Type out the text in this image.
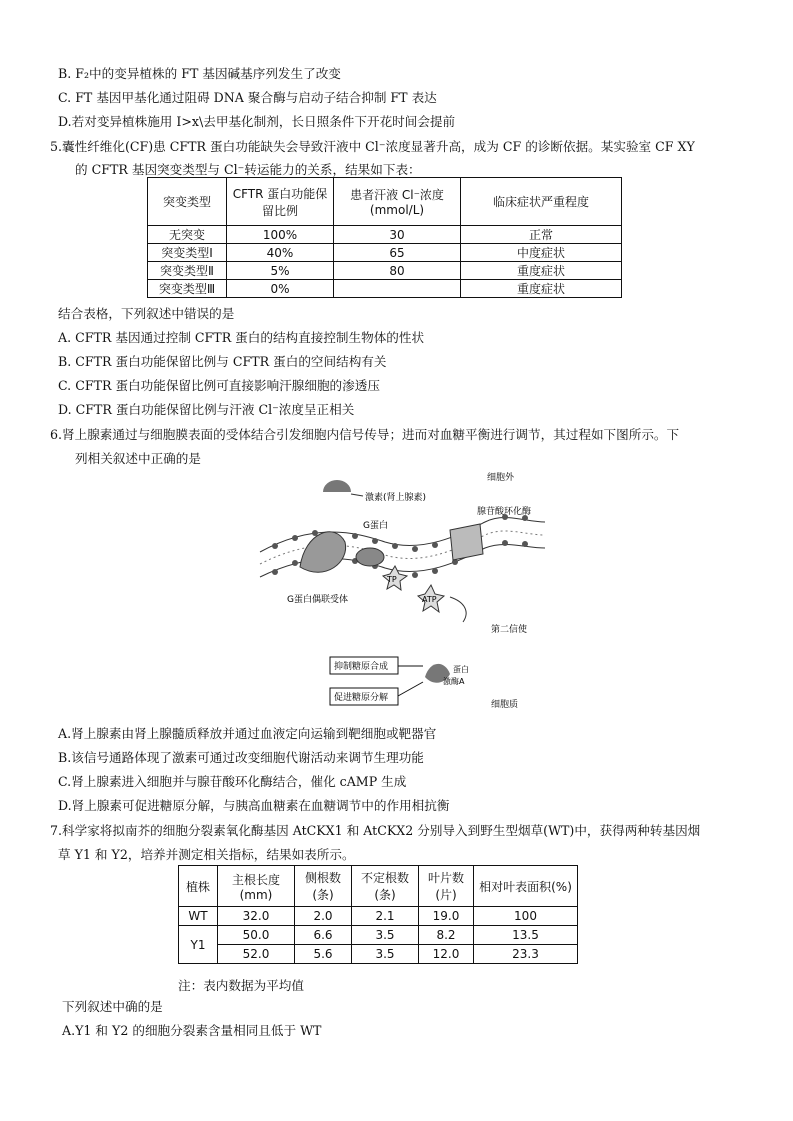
B. F₂中的变异植株的 FT 基因碱基序列发生了改变
C. FT 基因甲基化通过阻碍 DNA 聚合酶与启动子结合抑制 FT 表达
D.若对变异植株施用 I>x\去甲基化制剂，长日照条件下开花时间会提前
5.囊性纤维化(CF)患 CFTR 蛋白功能缺失会导致汗液中 Cl⁻浓度显著升高，成为 CF 的诊断依据。某实验室 CF XY
的 CFTR 基因突变类型与 Cl⁻转运能力的关系，结果如下表：
突变类型	CFTR 蛋白功能保留比例	患者汗液 Cl⁻浓度(mmol/L)	临床症状严重程度
无突变	100%	30	正常
突变类型Ⅰ	40%	65	中度症状
突变类型Ⅱ	5%	80	重度症状
突变类型Ⅲ	0%		重度症状
结合表格，下列叙述中错误的是
A. CFTR 基因通过控制 CFTR 蛋白的结构直接控制生物体的性状
B. CFTR 蛋白功能保留比例与 CFTR 蛋白的空间结构有关
C. CFTR 蛋白功能保留比例可直接影响汗腺细胞的渗透压
D. CFTR 蛋白功能保留比例与汗液 Cl⁻浓度呈正相关
6.肾上腺素通过与细胞膜表面的受体结合引发细胞内信号传导；进而对血糖平衡进行调节，其过程如下图所示。下
列相关叙述中正确的是
激素(肾上腺素)
G蛋白偶联受体
G蛋白
腺苷酸环化酶
细胞外
TP
ATP
第二信使
抑制糖原合成
促进糖原分解
蛋白
激酶A
细胞质
A.肾上腺素由肾上腺髓质释放并通过血液定向运输到靶细胞或靶器官
B.该信号通路体现了激素可通过改变细胞代谢活动来调节生理功能
C.肾上腺素进入细胞并与腺苷酸环化酶结合，催化 cAMP 生成
D.肾上腺素可促进糖原分解，与胰高血糖素在血糖调节中的作用相抗衡
7.科学家将拟南芥的细胞分裂素氧化酶基因 AtCKX1 和 AtCKX2 分别导入到野生型烟草(WT)中，获得两种转基因烟
草 Y1 和 Y2，培养并测定相关指标，结果如表所示。
植株	主根长度(mm)	侧根数(条)	不定根数(条)	叶片数(片)	相对叶表面积(%)
WT	32.0	2.0	2.1	19.0	100
Y1	50.0	6.6	3.5	8.2	13.5
	52.0	5.6	3.5	12.0	23.3
注：表内数据为平均值
下列叙述中确的是
A.Y1 和 Y2 的细胞分裂素含量相同且低于 WT
